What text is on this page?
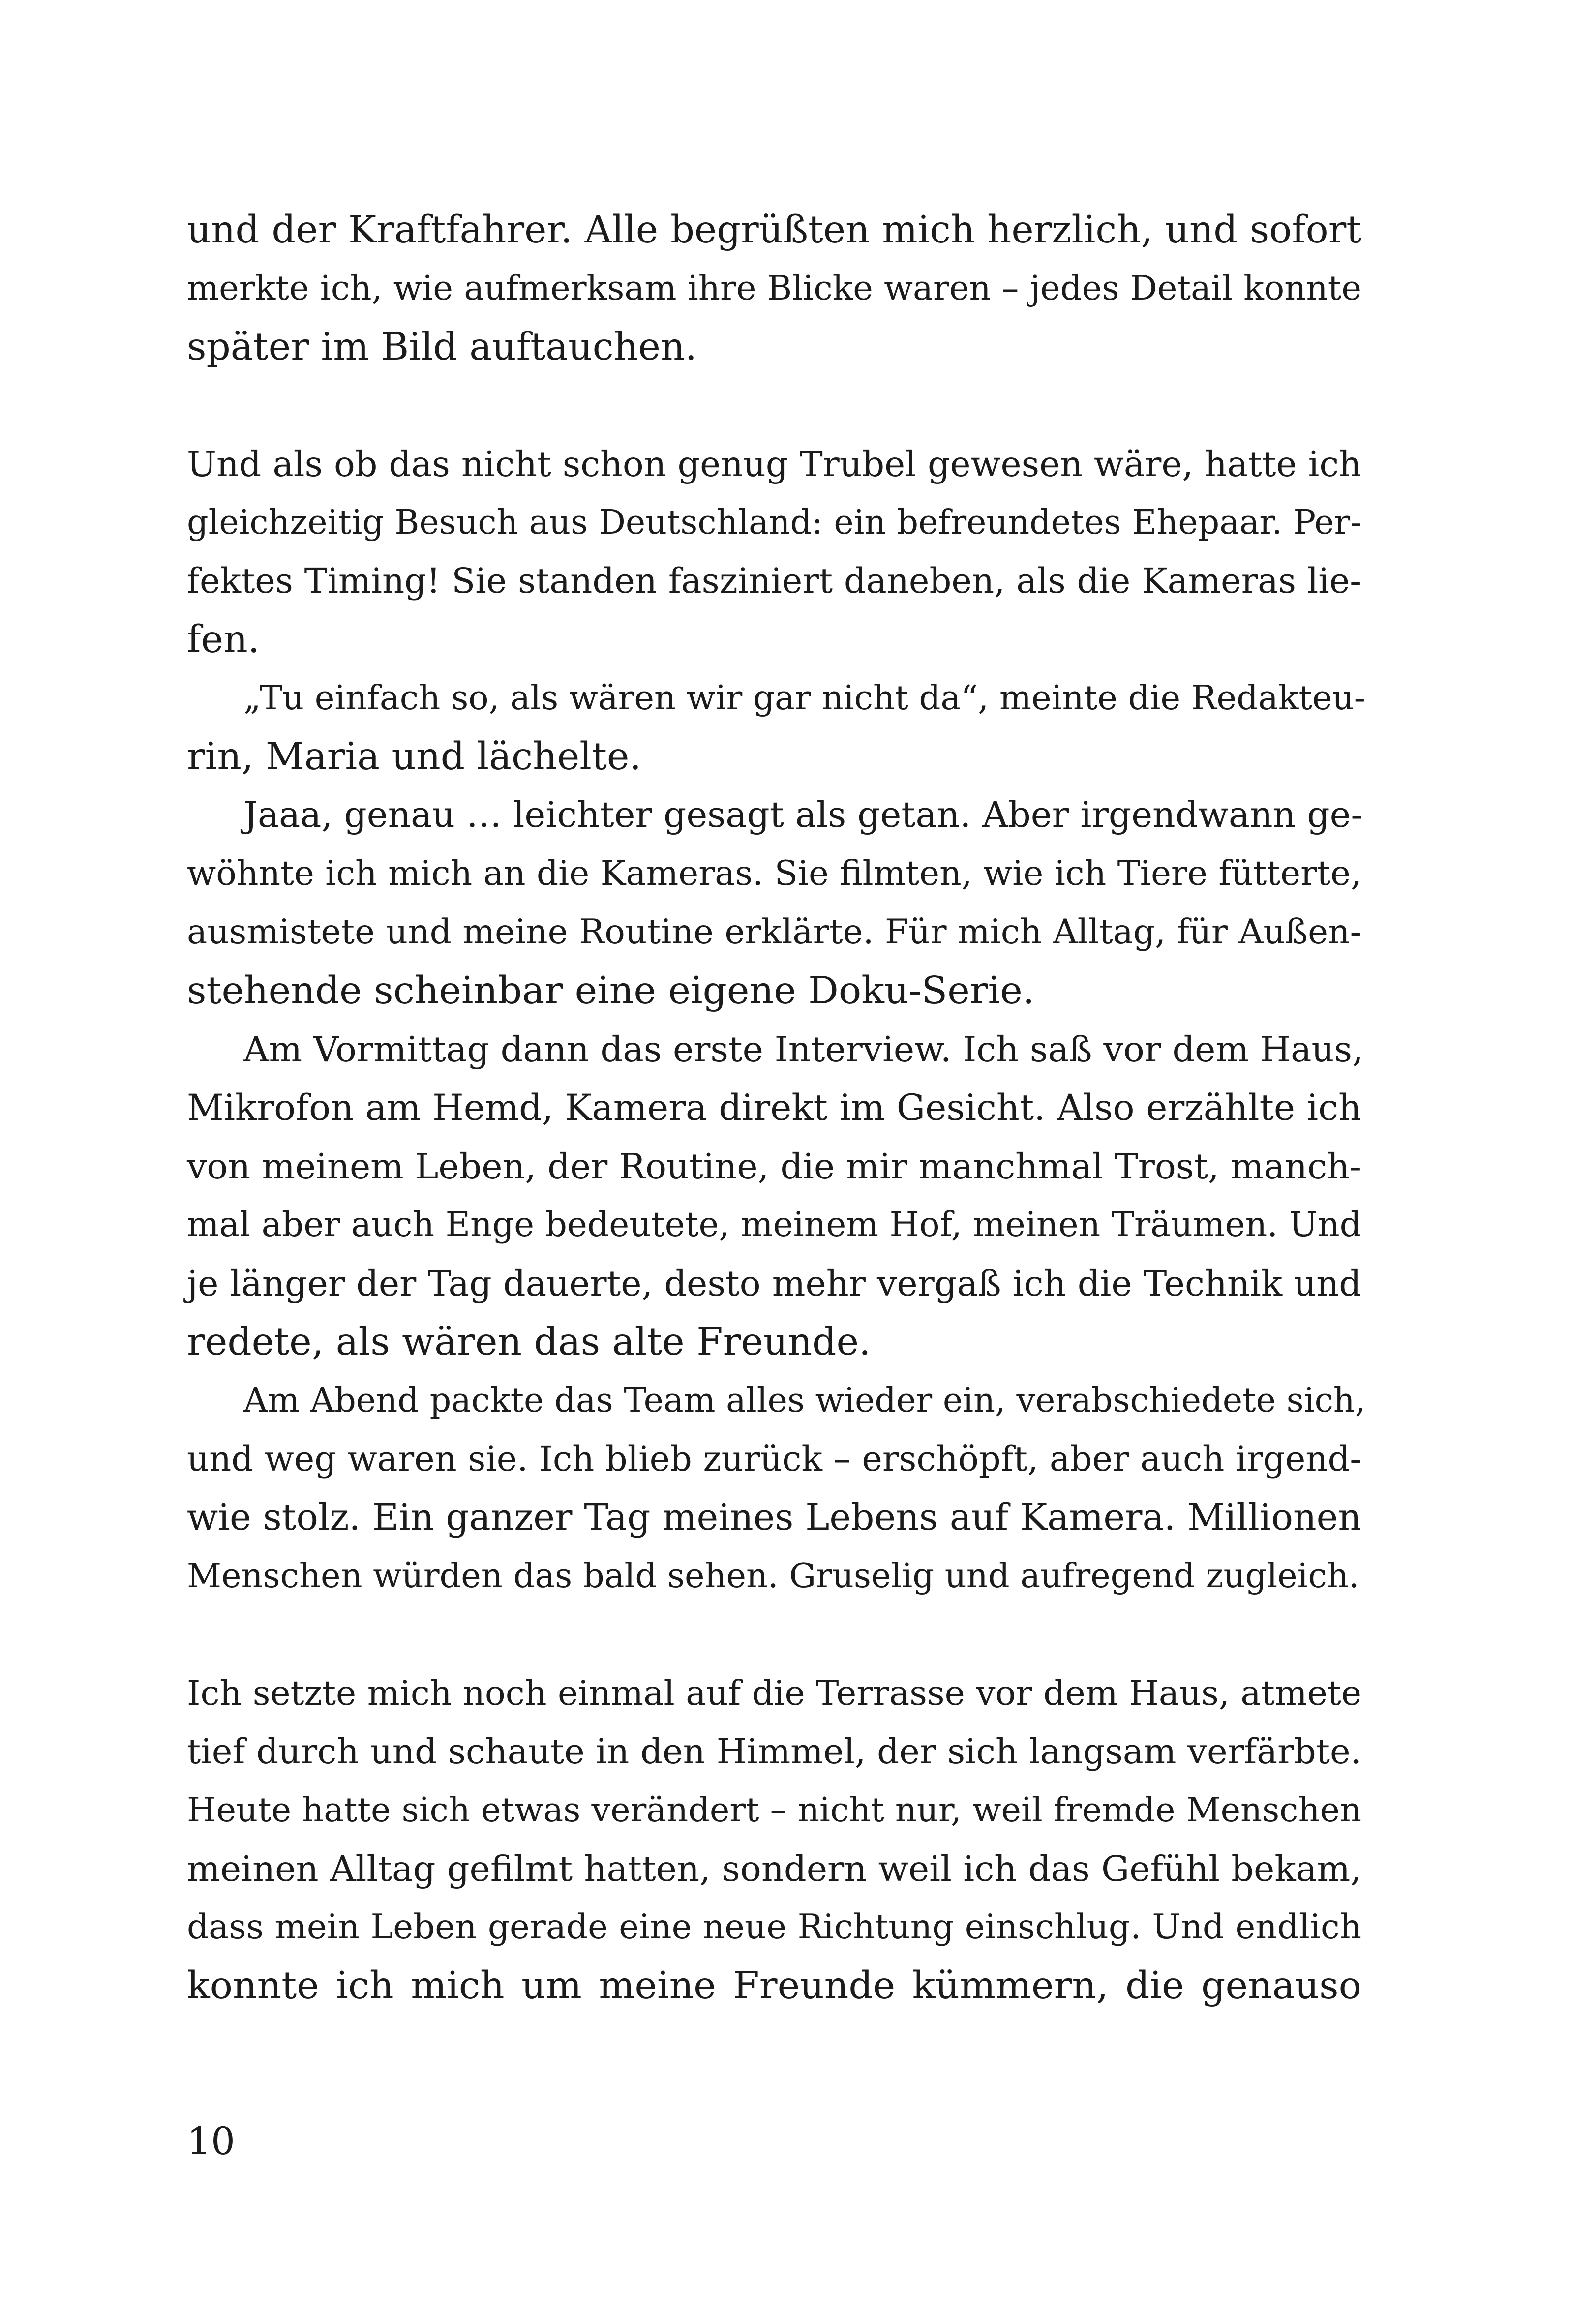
und der Kraftfahrer. Alle begrüßten mich herzlich, und sofort
merkte ich, wie aufmerksam ihre Blicke waren – jedes Detail konnte
später im Bild auftauchen.
Und als ob das nicht schon genug Trubel gewesen wäre, hatte ich
gleichzeitig Besuch aus Deutschland: ein befreundetes Ehepaar. Per-
fektes Timing! Sie standen fasziniert daneben, als die Kameras lie-
fen.
„Tu einfach so, als wären wir gar nicht da“, meinte die Redakteu-
rin, Maria und lächelte.
Jaaa, genau … leichter gesagt als getan. Aber irgendwann ge-
wöhnte ich mich an die Kameras. Sie filmten, wie ich Tiere fütterte,
ausmistete und meine Routine erklärte. Für mich Alltag, für Außen-
stehende scheinbar eine eigene Doku-Serie.
Am Vormittag dann das erste Interview. Ich saß vor dem Haus,
Mikrofon am Hemd, Kamera direkt im Gesicht. Also erzählte ich
von meinem Leben, der Routine, die mir manchmal Trost, manch-
mal aber auch Enge bedeutete, meinem Hof, meinen Träumen. Und
je länger der Tag dauerte, desto mehr vergaß ich die Technik und
redete, als wären das alte Freunde.
Am Abend packte das Team alles wieder ein, verabschiedete sich,
und weg waren sie. Ich blieb zurück – erschöpft, aber auch irgend-
wie stolz. Ein ganzer Tag meines Lebens auf Kamera. Millionen
Menschen würden das bald sehen. Gruselig und aufregend zugleich.
Ich setzte mich noch einmal auf die Terrasse vor dem Haus, atmete
tief durch und schaute in den Himmel, der sich langsam verfärbte.
Heute hatte sich etwas verändert – nicht nur, weil fremde Menschen
meinen Alltag gefilmt hatten, sondern weil ich das Gefühl bekam,
dass mein Leben gerade eine neue Richtung einschlug. Und endlich
konnte ich mich um meine Freunde kümmern, die genauso
10
